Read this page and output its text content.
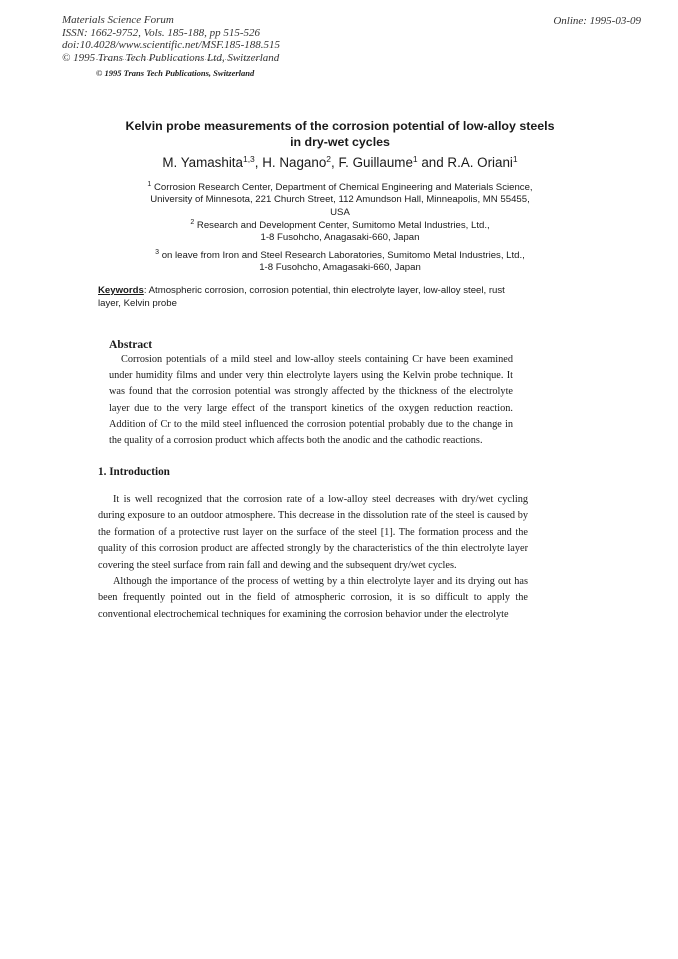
Materials Science Forum
ISSN: 1662-9752, Vols. 185-188, pp 515-526
doi:10.4028/www.scientific.net/MSF.185-188.515
© 1995 Trans Tech Publications Ltd, Switzerland
Online: 1995-03-09
© 1995 Trans Tech Publications, Switzerland
Kelvin probe measurements of the corrosion potential of low-alloy steels
in dry-wet cycles
M. Yamashita$^{1,3}$, H. Nagano$^2$, F. Guillaume$^1$ and R.A. Oriani$^1$
$^1$ Corrosion Research Center, Department of Chemical Engineering and Materials Science,
University of Minnesota, 221 Church Street, 112 Amundson Hall, Minneapolis, MN 55455,
USA
$^2$ Research and Development Center, Sumitomo Metal Industries, Ltd.,
1-8 Fusohcho, Anagasaki-660, Japan
$^3$ on leave from Iron and Steel Research Laboratories, Sumitomo Metal Industries, Ltd.,
1-8 Fusohcho, Amagasaki-660, Japan
Keywords: Atmospheric corrosion, corrosion potential, thin electrolyte layer, low-alloy steel, rust layer, Kelvin probe
Abstract
Corrosion potentials of a mild steel and low-alloy steels containing Cr have been examined under humidity films and under very thin electrolyte layers using the Kelvin probe technique. It was found that the corrosion potential was strongly affected by the thickness of the electrolyte layer due to the very large effect of the transport kinetics of the oxygen reduction reaction. Addition of Cr to the mild steel influenced the corrosion potential probably due to the change in the quality of a corrosion product which affects both the anodic and the cathodic reactions.
1. Introduction
It is well recognized that the corrosion rate of a low-alloy steel decreases with dry/wet cycling during exposure to an outdoor atmosphere. This decrease in the dissolution rate of the steel is caused by the formation of a protective rust layer on the surface of the steel [1]. The formation process and the quality of this corrosion product are affected strongly by the characteristics of the thin electrolyte layer covering the steel surface from rain fall and dewing and the subsequent dry/wet cycles.
Although the importance of the process of wetting by a thin electrolyte layer and its drying out has been frequently pointed out in the field of atmospheric corrosion, it is so difficult to apply the conventional electrochemical techniques for examining the corrosion behavior under the electrolyte
